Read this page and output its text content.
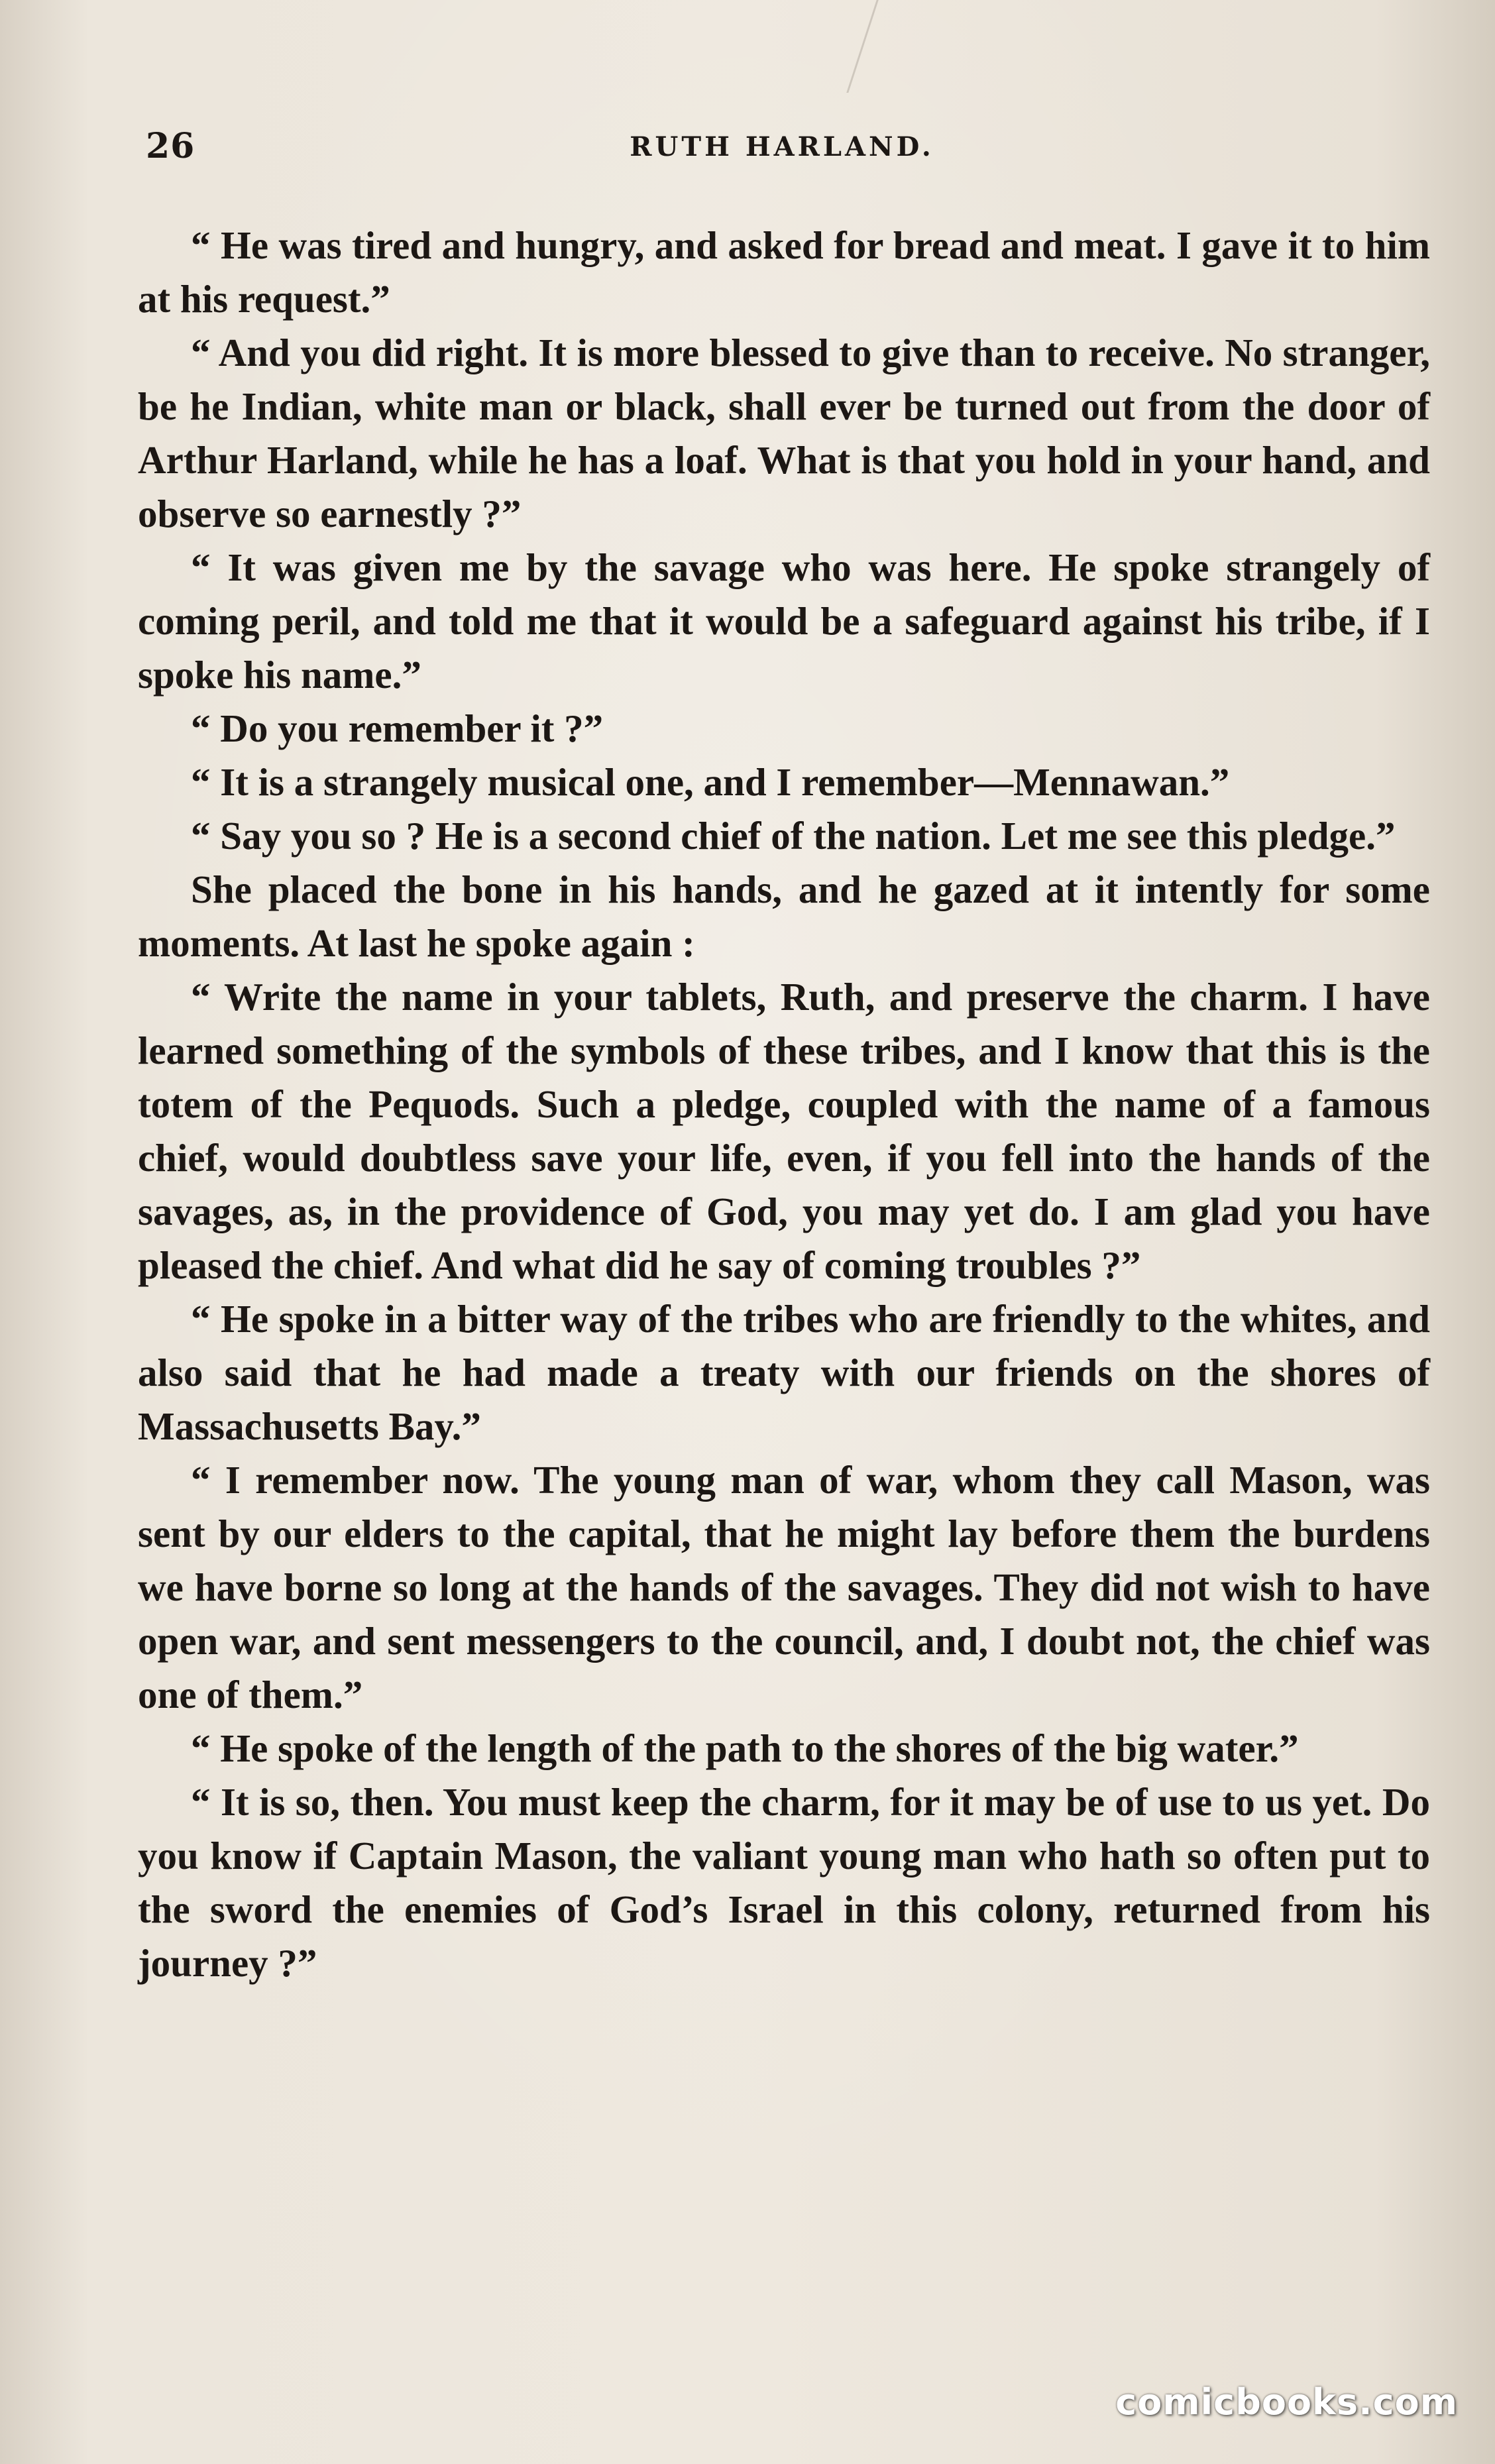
26	RUTH HARLAND.

“ He was tired and hungry, and asked for bread and meat. I gave it to him at his request.”

“ And you did right. It is more blessed to give than to receive. No stranger, be he Indian, white man or black, shall ever be turned out from the door of Arthur Harland, while he has a loaf. What is that you hold in your hand, and observe so earnestly ?”

“ It was given me by the savage who was here. He spoke strangely of coming peril, and told me that it would be a safeguard against his tribe, if I spoke his name.”

“ Do you remember it ?”

“ It is a strangely musical one, and I remember—Mennawan.”

“ Say you so ? He is a second chief of the nation. Let me see this pledge.”

She placed the bone in his hands, and he gazed at it intently for some moments. At last he spoke again :

“ Write the name in your tablets, Ruth, and preserve the charm. I have learned something of the symbols of these tribes, and I know that this is the totem of the Pequods. Such a pledge, coupled with the name of a famous chief, would doubtless save your life, even, if you fell into the hands of the savages, as, in the providence of God, you may yet do. I am glad you have pleased the chief. And what did he say of coming troubles ?”

“ He spoke in a bitter way of the tribes who are friendly to the whites, and also said that he had made a treaty with our friends on the shores of Massachusetts Bay.”

“ I remember now. The young man of war, whom they call Mason, was sent by our elders to the capital, that he might lay before them the burdens we have borne so long at the hands of the savages. They did not wish to have open war, and sent messengers to the council, and, I doubt not, the chief was one of them.”

“ He spoke of the length of the path to the shores of the big water.”

“ It is so, then. You must keep the charm, for it may be of use to us yet. Do you know if Captain Mason, the valiant young man who hath so often put to the sword the enemies of God’s Israel in this colony, returned from his journey ?”

comicbooks.com
